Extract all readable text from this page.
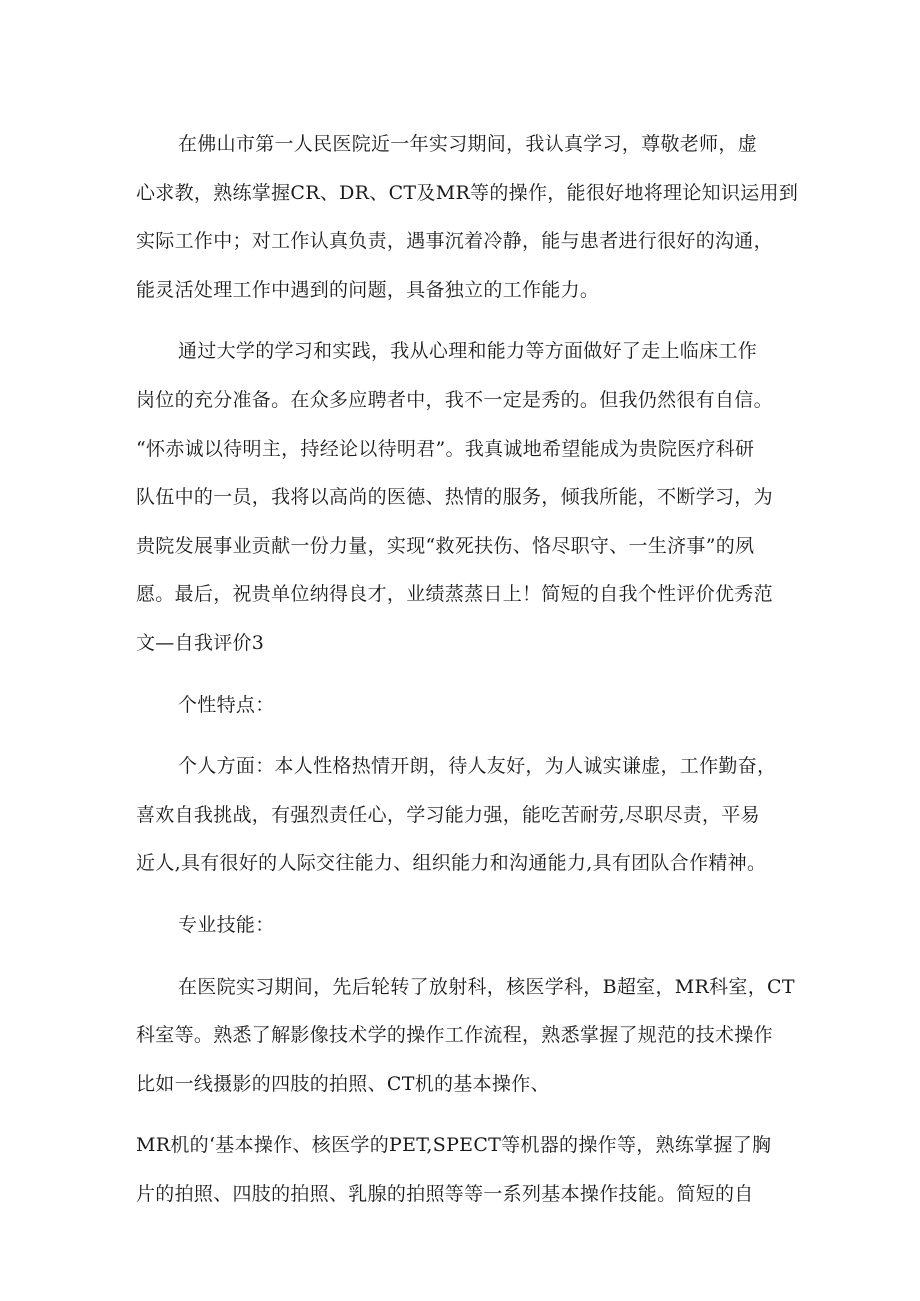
在佛山市第一人民医院近一年实习期间，我认真学习，尊敬老师，虚
心求教，熟练掌握CR、DR、CT及MR等的操作，能很好地将理论知识运用到
实际工作中；对工作认真负责，遇事沉着冷静，能与患者进行很好的沟通，
能灵活处理工作中遇到的问题，具备独立的工作能力。

通过大学的学习和实践，我从心理和能力等方面做好了走上临床工作
岗位的充分准备。在众多应聘者中，我不一定是秀的。但我仍然很有自信。
“怀赤诚以待明主，持经论以待明君”。我真诚地希望能成为贵院医疗科研
队伍中的一员，我将以高尚的医德、热情的服务，倾我所能，不断学习，为
贵院发展事业贡献一份力量，实现“救死扶伤、恪尽职守、一生济事”的夙
愿。最后，祝贵单位纳得良才，业绩蒸蒸日上！简短的自我个性评价优秀范
文—自我评价3

个性特点：

个人方面：本人性格热情开朗，待人友好，为人诚实谦虚，工作勤奋，
喜欢自我挑战，有强烈责任心，学习能力强，能吃苦耐劳,尽职尽责，平易
近人,具有很好的人际交往能力、组织能力和沟通能力,具有团队合作精神。

专业技能：

在医院实习期间，先后轮转了放射科，核医学科，B超室，MR科室，CT
科室等。熟悉了解影像技术学的操作工作流程，熟悉掌握了规范的技术操作
比如一线摄影的四肢的拍照、CT机的基本操作、

MR机的‘基本操作、核医学的PET,SPECT等机器的操作等，熟练掌握了胸
片的拍照、四肢的拍照、乳腺的拍照等等一系列基本操作技能。简短的自
